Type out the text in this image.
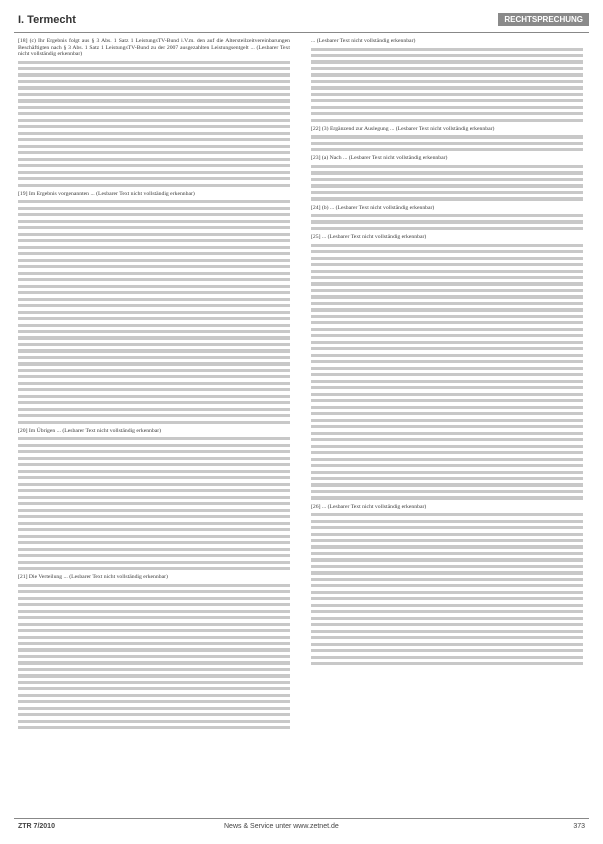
I. Termecht	RECHTSPRECHUNG

[18] (c) Ihr Ergebnis folgt aus § 3 Abs. 1 Satz 1 LeistungsTV-Bund i.V.m. den auf die Altersteilzeitvereinbarungen Beschäftigten nach § 3 Abs. 1 Satz 1 LeistungsTV-Bund zu der 2007 ausgezahlten Leistungsentgelt ... (Lesbarer Text nicht vollständig erkennbar)

[19] Im Ergebnis vorgenannten ... (Lesbarer Text nicht vollständig erkennbar)

[20] Im Übrigen ... (Lesbarer Text nicht vollständig erkennbar)

[21] Die Verteilung ... (Lesbarer Text nicht vollständig erkennbar)

... (Lesbarer Text nicht vollständig erkennbar)

[22] (3) Ergänzend zur Auslegung ... (Lesbarer Text nicht vollständig erkennbar)

[23] (a) Nach ... (Lesbarer Text nicht vollständig erkennbar)

[24] (b) ... (Lesbarer Text nicht vollständig erkennbar)

[25] ... (Lesbarer Text nicht vollständig erkennbar)

[26] ... (Lesbarer Text nicht vollständig erkennbar)

ZTR 7/2010	News & Service unter www.zetnet.de	373
